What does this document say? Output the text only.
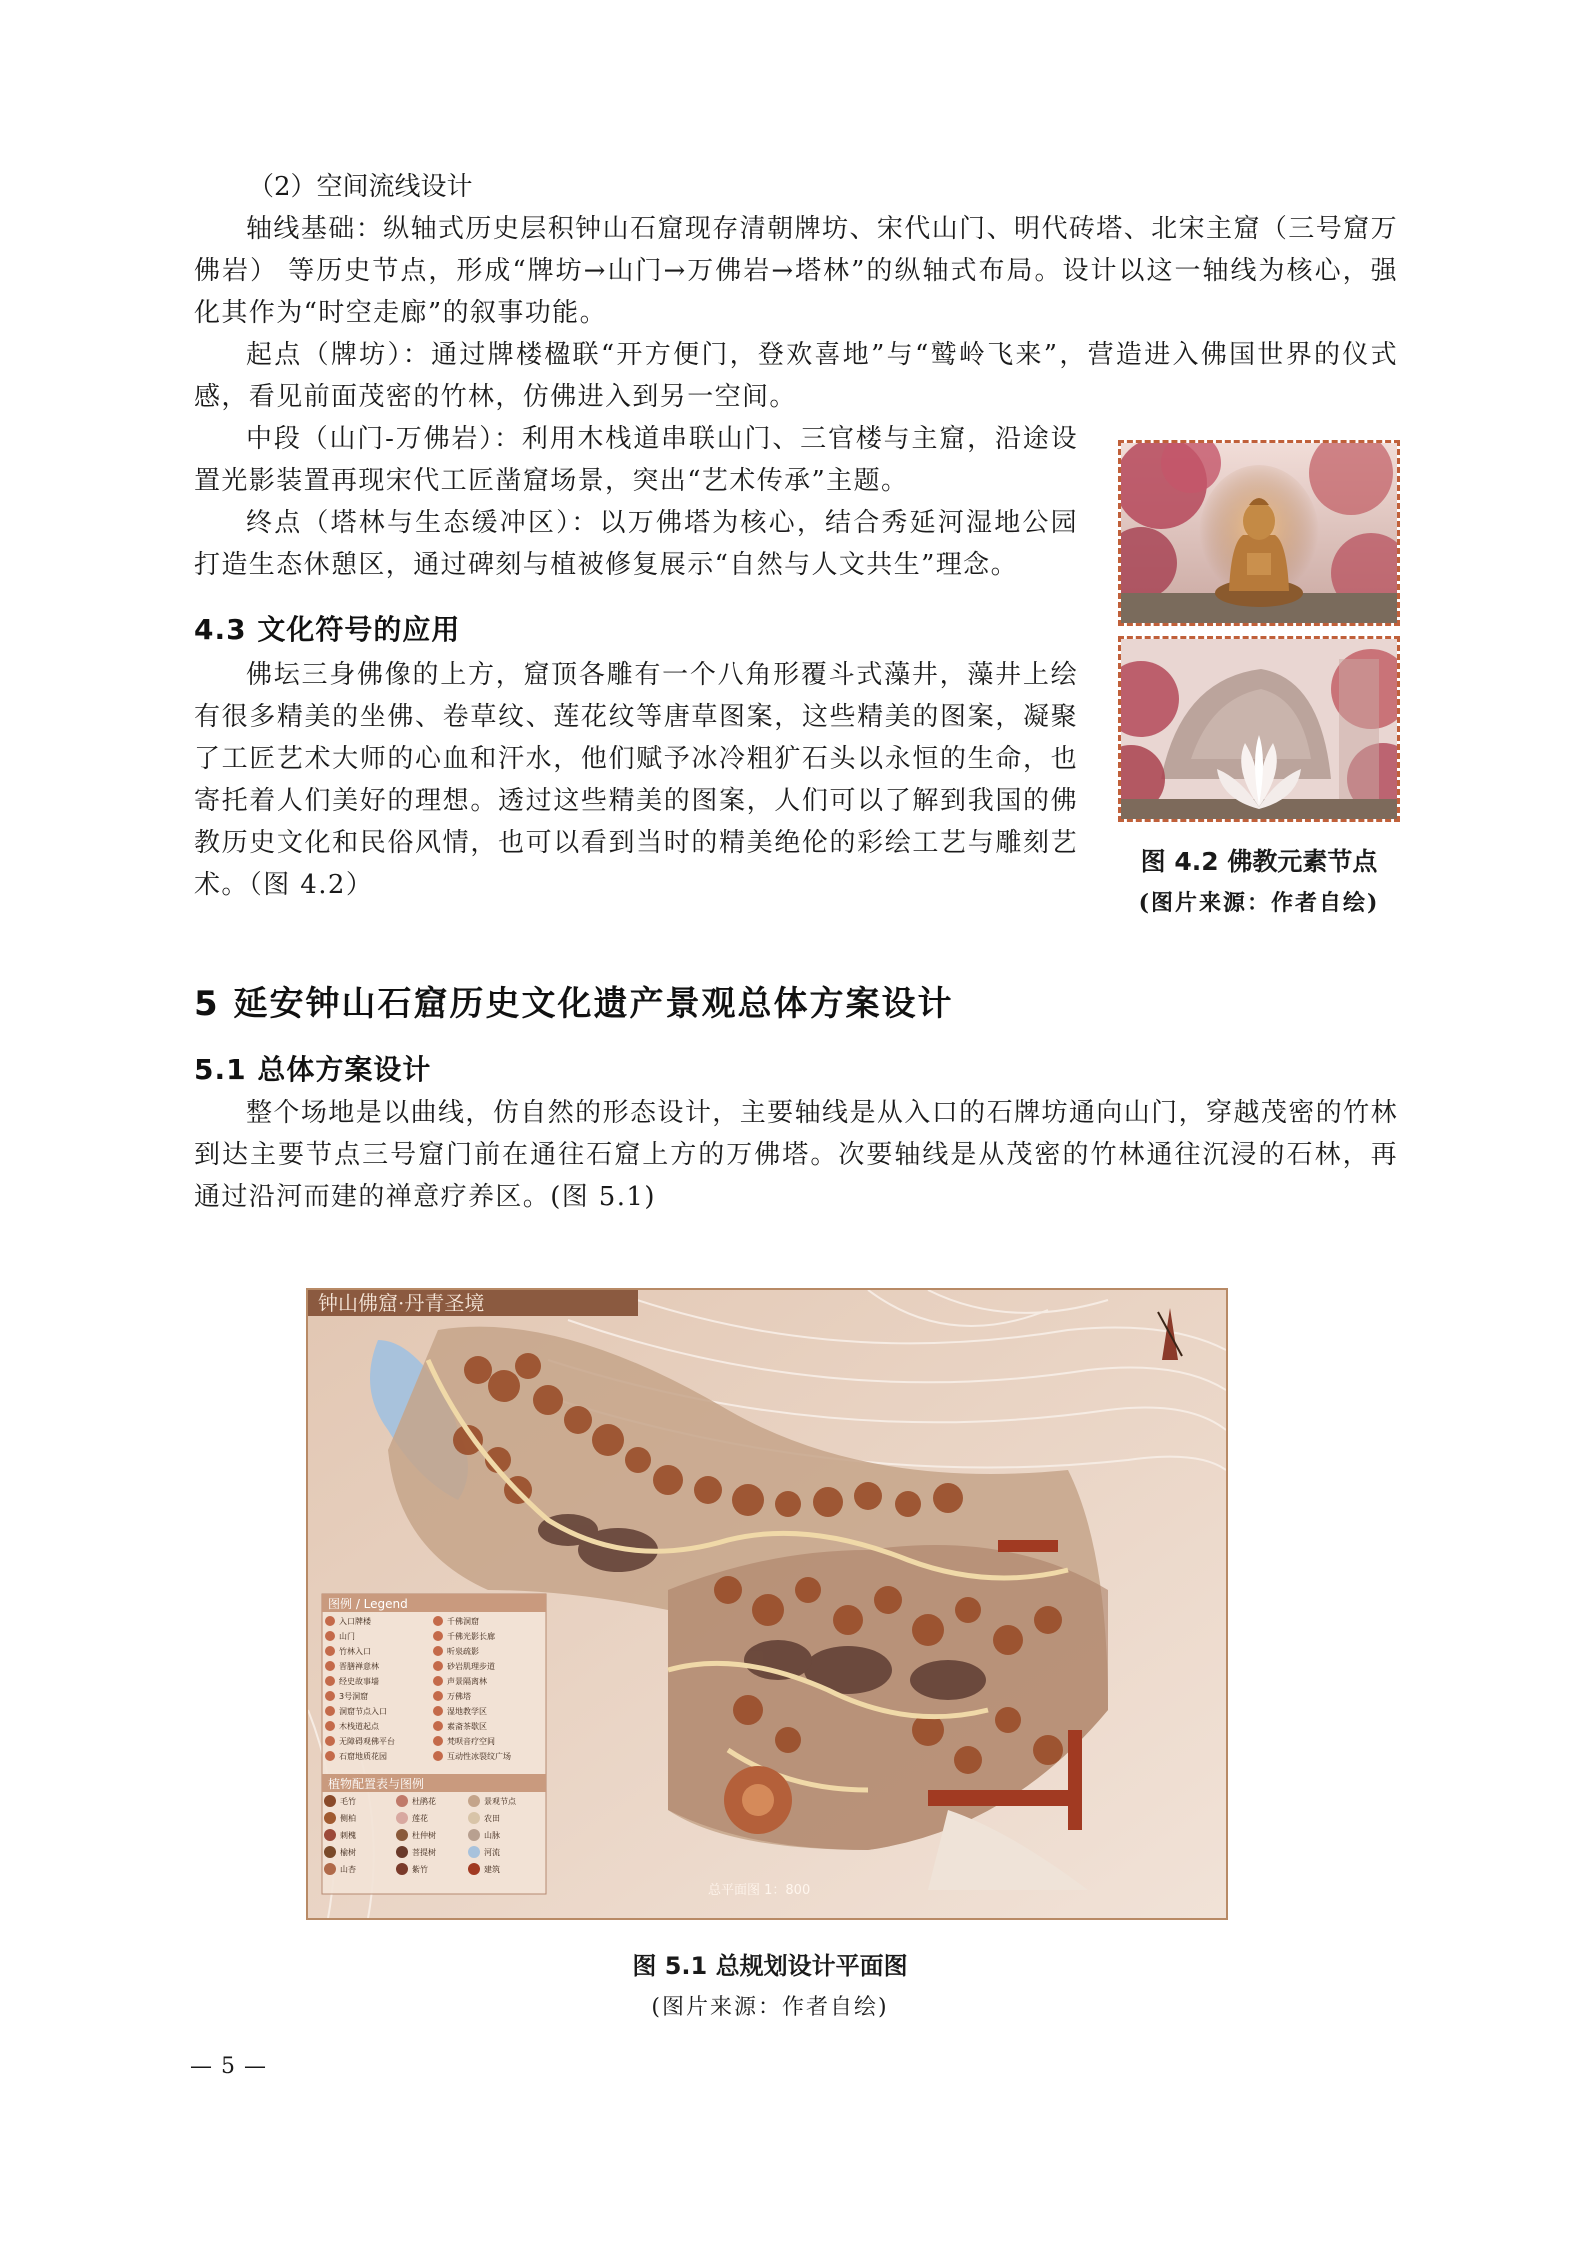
（2）空间流线设计

轴线基础：纵轴式历史层积钟山石窟现存清朝牌坊、宋代山门、明代砖塔、北宋主窟（三号窟万佛岩） 等历史节点，形成“牌坊→山门→万佛岩→塔林”的纵轴式布局。设计以这一轴线为核心，强化其作为“时空走廊”的叙事功能。

起点（牌坊）：通过牌楼楹联“开方便门，登欢喜地”与“鹫岭飞来”，营造进入佛国世界的仪式感，看见前面茂密的竹林，仿佛进入到另一空间。

中段（山门-万佛岩）：利用木栈道串联山门、三官楼与主窟，沿途设置光影装置再现宋代工匠凿窟场景，突出“艺术传承”主题。

终点（塔林与生态缓冲区）：以万佛塔为核心，结合秀延河湿地公园打造生态休憩区，通过碑刻与植被修复展示“自然与人文共生”理念。

4.3 文化符号的应用

佛坛三身佛像的上方，窟顶各雕有一个八角形覆斗式藻井，藻井上绘有很多精美的坐佛、卷草纹、莲花纹等唐草图案，这些精美的图案，凝聚了工匠艺术大师的心血和汗水，他们赋予冰冷粗犷石头以永恒的生命，也寄托着人们美好的理想。透过这些精美的图案，人们可以了解到我国的佛教历史文化和民俗风情，也可以看到当时的精美绝伦的彩绘工艺与雕刻艺术。（图 4.2）

图 4.2 佛教元素节点

(图片来源：作者自绘)

5 延安钟山石窟历史文化遗产景观总体方案设计

5.1 总体方案设计

整个场地是以曲线，仿自然的形态设计，主要轴线是从入口的石牌坊通向山门，穿越茂密的竹林到达主要节点三号窟门前在通往石窟上方的万佛塔。次要轴线是从茂密的竹林通往沉浸的石林，再通过沿河而建的禅意疗养区。(图 5.1)

钟山佛窟·丹青圣境
图例 / Legend
入口牌楼
山门
竹林入口
晋膳禅意林
经史故事墙
3号洞窟
洞窟节点入口
木栈道起点
无障碍观佛平台
石窟地质花园
千佛洞窟
千佛光影长廊
听泉疏影
砂岩肌理步道
声景隔离林
万佛塔
湿地教学区
素斋茶歇区
梵呗音疗空间
互动性冰裂纹广场
植物配置表与图例
毛竹
侧柏
刺槐
榆树
山杏
杜鹃花
莲花
杜仲树
菩提树
紫竹
景观节点
农田
山脉
河流
建筑
总平面图 1：800

图 5.1 总规划设计平面图

(图片来源：作者自绘)

— 5 —
